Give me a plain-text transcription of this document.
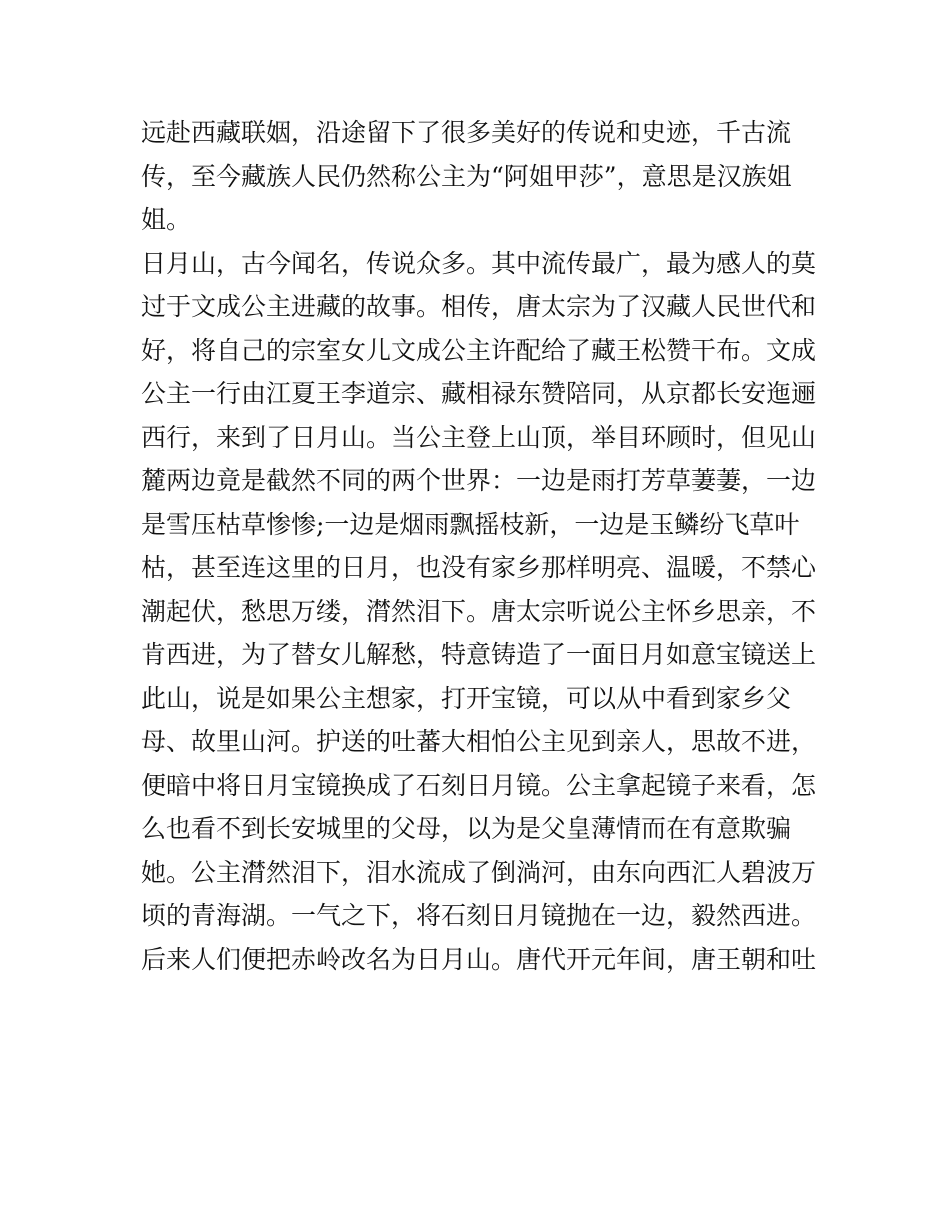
远赴西藏联姻，沿途留下了很多美好的传说和史迹，千古流
传，至今藏族人民仍然称公主为“阿姐甲莎”，意思是汉族姐
姐。
日月山，古今闻名，传说众多。其中流传最广，最为感人的莫
过于文成公主进藏的故事。相传，唐太宗为了汉藏人民世代和
好，将自己的宗室女儿文成公主许配给了藏王松赞干布。文成
公主一行由江夏王李道宗、藏相禄东赞陪同，从京都长安迤逦
西行，来到了日月山。当公主登上山顶，举目环顾时，但见山
麓两边竟是截然不同的两个世界：一边是雨打芳草萋萋，一边
是雪压枯草惨惨;一边是烟雨飘摇枝新，一边是玉鳞纷飞草叶
枯，甚至连这里的日月，也没有家乡那样明亮、温暖，不禁心
潮起伏，愁思万缕，潸然泪下。唐太宗听说公主怀乡思亲，不
肯西进，为了替女儿解愁，特意铸造了一面日月如意宝镜送上
此山，说是如果公主想家，打开宝镜，可以从中看到家乡父
母、故里山河。护送的吐蕃大相怕公主见到亲人，思故不进，
便暗中将日月宝镜换成了石刻日月镜。公主拿起镜子来看，怎
么也看不到长安城里的父母，以为是父皇薄情而在有意欺骗
她。公主潸然泪下，泪水流成了倒淌河，由东向西汇人碧波万
顷的青海湖。一气之下，将石刻日月镜抛在一边，毅然西进。
后来人们便把赤岭改名为日月山。唐代开元年间，唐王朝和吐
